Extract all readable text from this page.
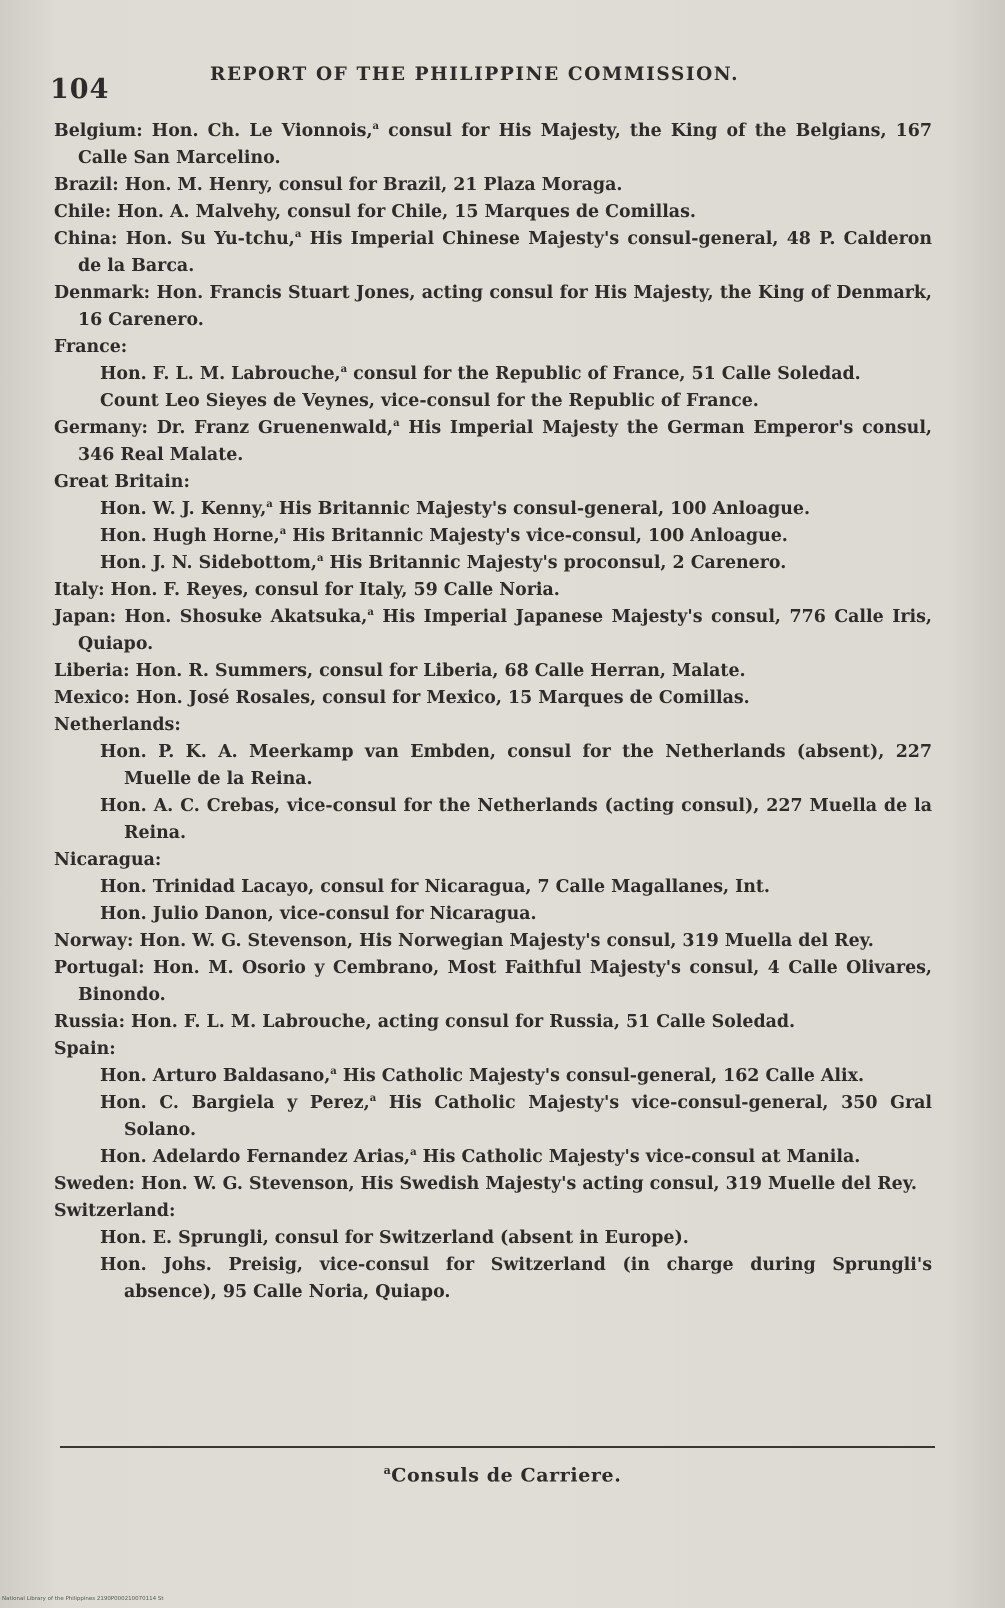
104	REPORT OF THE PHILIPPINE COMMISSION.

Belgium: Hon. Ch. Le Vionnois,$^a$ consul for His Majesty, the King of the Belgians, 167 Calle San Marcelino.

Brazil: Hon. M. Henry, consul for Brazil, 21 Plaza Moraga.

Chile: Hon. A. Malvehy, consul for Chile, 15 Marques de Comillas.

China: Hon. Su Yu-tchu,$^a$ His Imperial Chinese Majesty's consul-general, 48 P. Calderon de la Barca.

Denmark: Hon. Francis Stuart Jones, acting consul for His Majesty, the King of Denmark, 16 Carenero.

France:

Hon. F. L. M. Labrouche,$^a$ consul for the Republic of France, 51 Calle Soledad.

Count Leo Sieyes de Veynes, vice-consul for the Republic of France.

Germany: Dr. Franz Gruenenwald,$^a$ His Imperial Majesty the German Emperor's consul, 346 Real Malate.

Great Britain:

Hon. W. J. Kenny,$^a$ His Britannic Majesty's consul-general, 100 Anloague.

Hon. Hugh Horne,$^a$ His Britannic Majesty's vice-consul, 100 Anloague.

Hon. J. N. Sidebottom,$^a$ His Britannic Majesty's proconsul, 2 Carenero.

Italy: Hon. F. Reyes, consul for Italy, 59 Calle Noria.

Japan: Hon. Shosuke Akatsuka,$^a$ His Imperial Japanese Majesty's consul, 776 Calle Iris, Quiapo.

Liberia: Hon. R. Summers, consul for Liberia, 68 Calle Herran, Malate.

Mexico: Hon. José Rosales, consul for Mexico, 15 Marques de Comillas.

Netherlands:

Hon. P. K. A. Meerkamp van Embden, consul for the Netherlands (absent), 227 Muelle de la Reina.

Hon. A. C. Crebas, vice-consul for the Netherlands (acting consul), 227 Muella de la Reina.

Nicaragua:

Hon. Trinidad Lacayo, consul for Nicaragua, 7 Calle Magallanes, Int.

Hon. Julio Danon, vice-consul for Nicaragua.

Norway: Hon. W. G. Stevenson, His Norwegian Majesty's consul, 319 Muella del Rey.

Portugal: Hon. M. Osorio y Cembrano, Most Faithful Majesty's consul, 4 Calle Olivares, Binondo.

Russia: Hon. F. L. M. Labrouche, acting consul for Russia, 51 Calle Soledad.

Spain:

Hon. Arturo Baldasano,$^a$ His Catholic Majesty's consul-general, 162 Calle Alix.

Hon. C. Bargiela y Perez,$^a$ His Catholic Majesty's vice-consul-general, 350 Gral Solano.

Hon. Adelardo Fernandez Arias,$^a$ His Catholic Majesty's vice-consul at Manila.

Sweden: Hon. W. G. Stevenson, His Swedish Majesty's acting consul, 319 Muelle del Rey.

Switzerland:

Hon. E. Sprungli, consul for Switzerland (absent in Europe).

Hon. Johs. Preisig, vice-consul for Switzerland (in charge during Sprungli's absence), 95 Calle Noria, Quiapo.

$^a$Consuls de Carriere.
National Library of the Philippines 2190P000210070114 St
